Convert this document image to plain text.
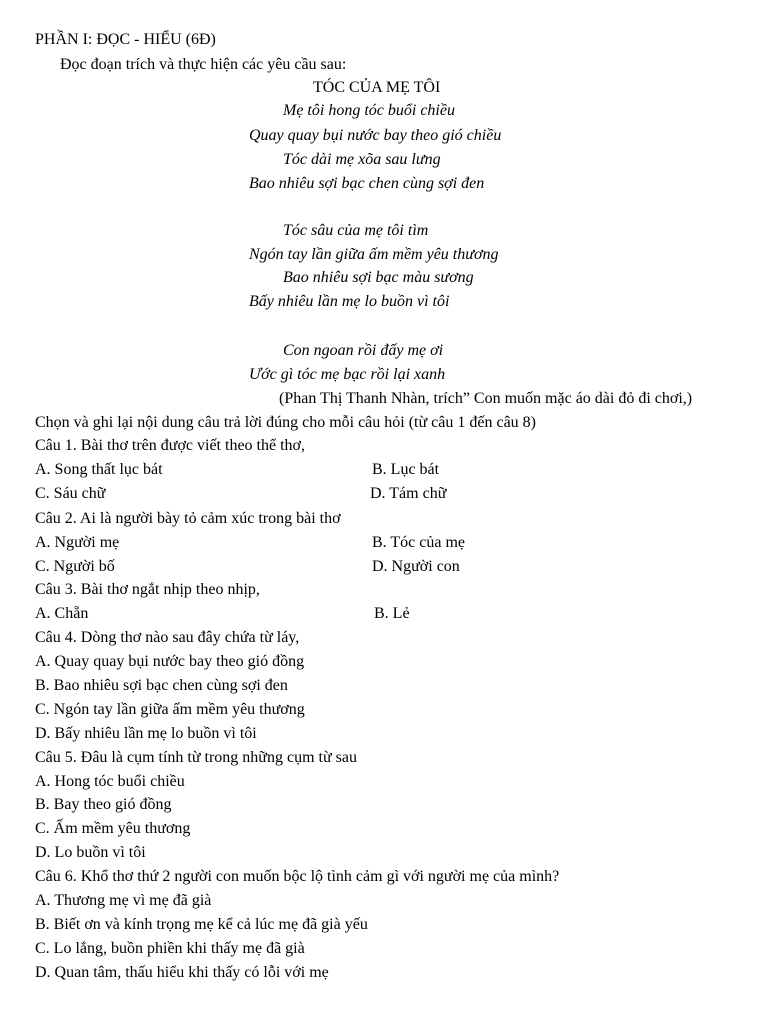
PHẦN I: ĐỌC - HIỂU (6Đ)
Đọc đoạn trích và thực hiện các yêu cầu sau:
TÓC CỦA MẸ TÔI
Mẹ tôi hong tóc buổi chiều
Quay quay bụi nước bay theo gió chiều
Tóc dài mẹ xõa sau lưng
Bao nhiêu sợi bạc chen cùng sợi đen
Tóc sâu của mẹ tôi tìm
Ngón tay lần giữa ấm mềm yêu thương
Bao nhiêu sợi bạc màu sương
Bấy nhiêu lần mẹ lo buồn vì tôi
Con ngoan rồi đấy mẹ ơi
Ước gì tóc mẹ bạc rồi lại xanh
(Phan Thị Thanh Nhàn, trích” Con muốn mặc áo dài đỏ đi chơi,)
Chọn và ghi lại nội dung câu trả lời đúng cho mỗi câu hỏi (từ câu 1 đến câu 8)
Câu 1. Bài thơ trên được viết theo thể thơ,
A. Song thất lục bát	B. Lục bát
C. Sáu chữ	D. Tám chữ
Câu 2. Ai là người bày tỏ cảm xúc trong bài thơ
A. Người mẹ	B. Tóc của mẹ
C. Người bố	D. Người con
Câu 3. Bài thơ ngắt nhịp theo nhịp,
A. Chẵn	B. Lẻ
Câu 4. Dòng thơ nào sau đây chứa từ láy,
A. Quay quay bụi nước bay theo gió đồng
B. Bao nhiêu sợi bạc chen cùng sợi đen
C. Ngón tay lần giữa ấm mềm yêu thương
D. Bấy nhiêu lần mẹ lo buồn vì tôi
Câu 5. Đâu là cụm tính từ trong những cụm từ sau
A. Hong tóc buổi chiều
B. Bay theo gió đồng
C. Ấm mềm yêu thương
D. Lo buồn vì tôi
Câu 6. Khổ thơ thứ 2 người con muốn bộc lộ tình cảm gì với người mẹ của mình?
A. Thương mẹ vì mẹ đã già
B. Biết ơn và kính trọng mẹ kể cả lúc mẹ đã già yếu
C. Lo lắng, buồn phiền khi thấy mẹ đã già
D. Quan tâm, thấu hiểu khi thấy có lỗi với mẹ
